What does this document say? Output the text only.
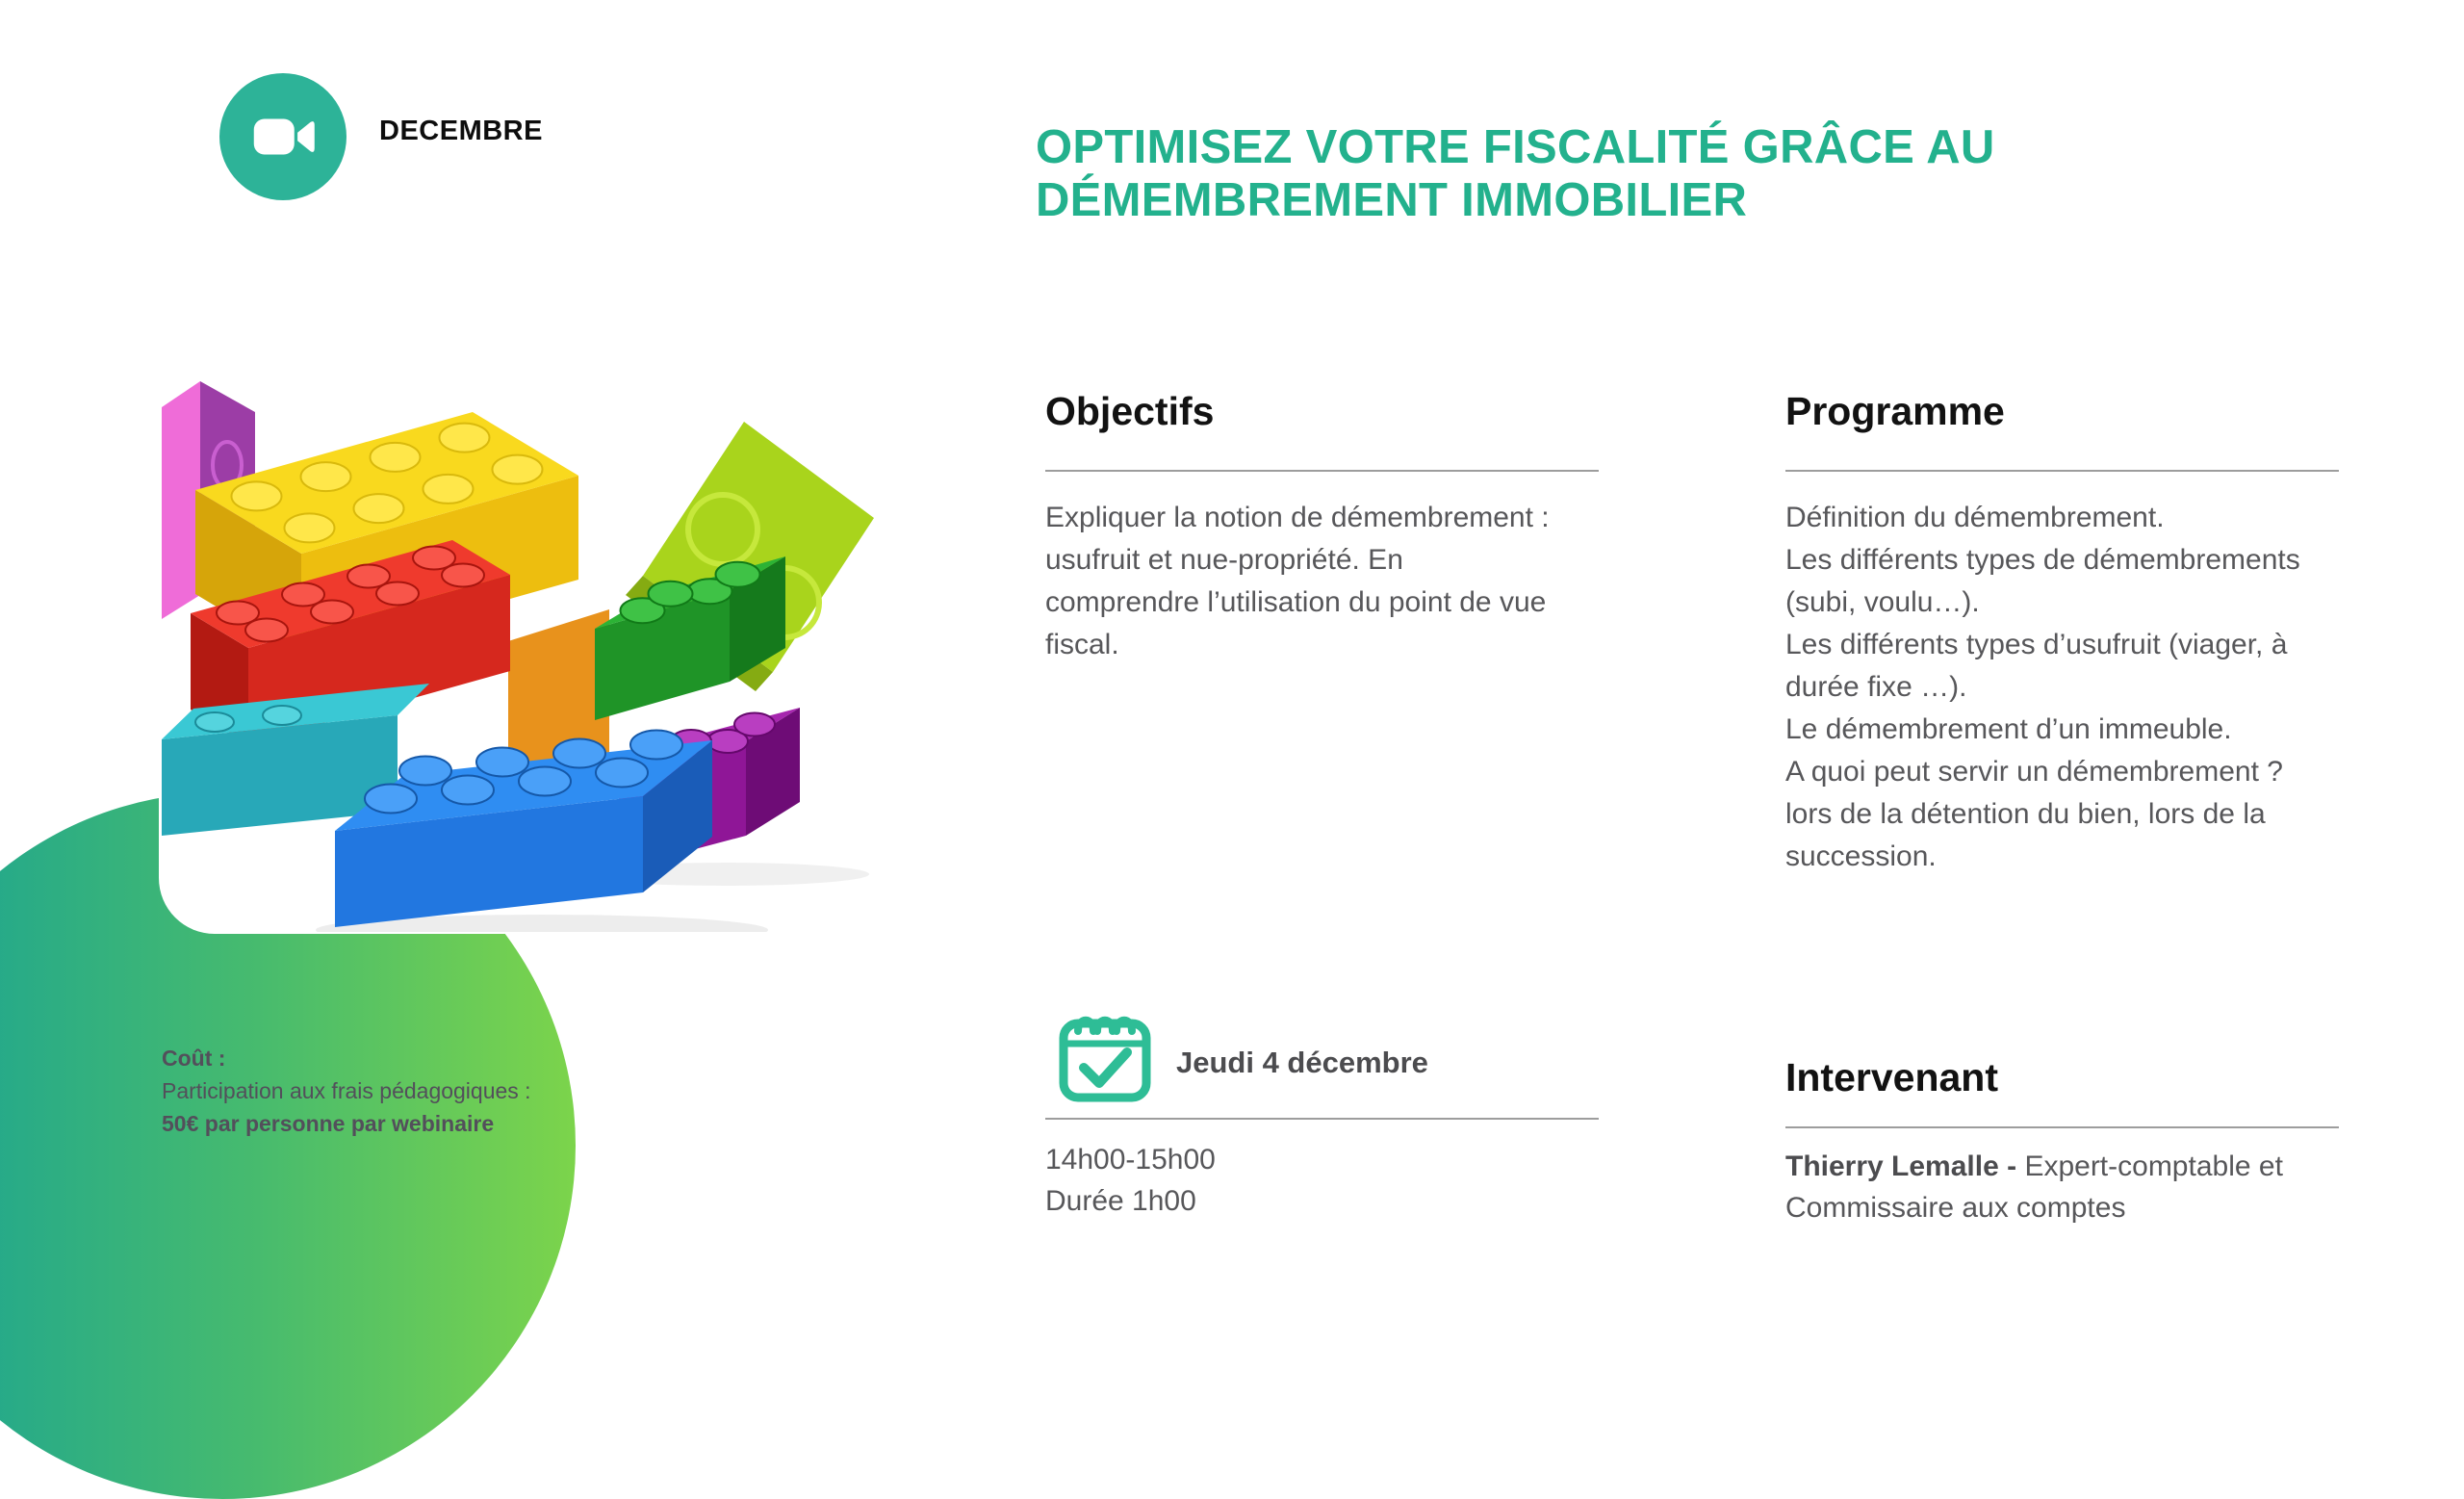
Coût :
Participation aux frais pédagogiques :
50€ par personne par webinaire
DECEMBRE	OPTIMISEZ VOTRE FISCALITÉ GRÂCE AU
DÉMEMBREMENT IMMOBILIER
Objectifs
Expliquer la notion de démembrement :
usufruit et nue-propriété. En
comprendre l’utilisation du point de vue
fiscal.
Programme
Définition du démembrement.
Les différents types de démembrements
(subi, voulu…).
Les différents types d’usufruit (viager, à
durée fixe …).
Le démembrement d’un immeuble.
A quoi peut servir un démembrement ?
lors de la détention du bien, lors de la
succession.
Jeudi 4 décembre
14h00-15h00
Durée 1h00
Intervenant
Thierry Lemalle - Expert-comptable et
Commissaire aux comptes
